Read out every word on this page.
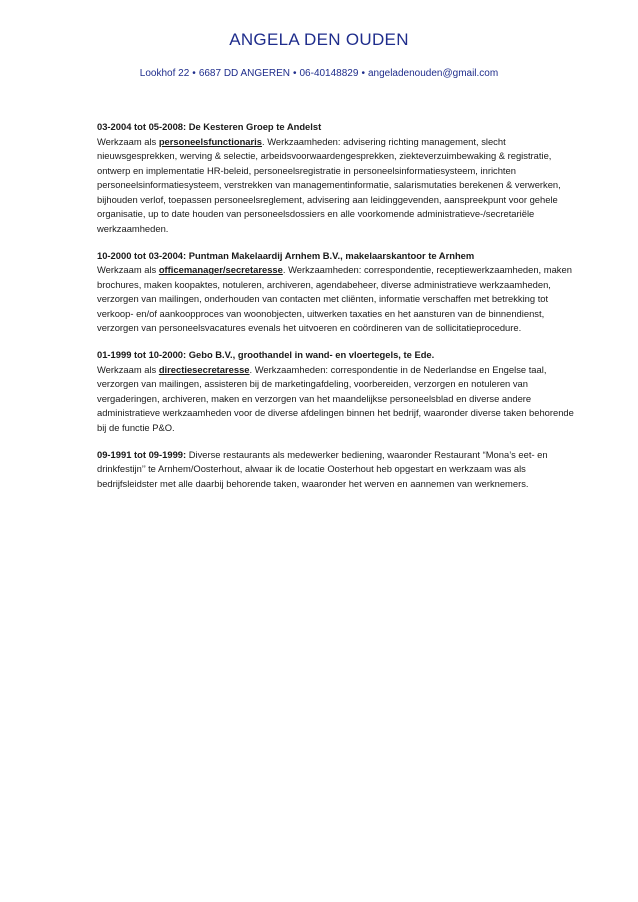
ANGELA DEN OUDEN
Lookhof 22 • 6687 DD ANGEREN • 06-40148829 • angeladenouden@gmail.com
03-2004 tot 05-2008: De Kesteren Groep te Andelst
Werkzaam als personeelsfunctionaris. Werkzaamheden: advisering richting management, slecht nieuwsgesprekken, werving & selectie, arbeidsvoorwaardengesprekken, ziekteverzuimbewaking & registratie, ontwerp en implementatie HR-beleid, personeelsregistratie in personeelsinformatiesysteem, inrichten personeelsinformatiesysteem, verstrekken van managementinformatie, salarismutaties berekenen & verwerken, bijhouden verlof, toepassen personeelsreglement, advisering aan leidinggevenden, aanspreekpunt voor gehele organisatie, up to date houden van personeelsdossiers en alle voorkomende administratieve-/secretariële werkzaamheden.
10-2000 tot 03-2004: Puntman Makelaardij Arnhem B.V., makelaarskantoor te Arnhem
Werkzaam als officemanager/secretaresse. Werkzaamheden: correspondentie, receptiewerkzaamheden, maken brochures, maken koopaktes, notuleren, archiveren, agendabeheer, diverse administratieve werkzaamheden, verzorgen van mailingen, onderhouden van contacten met cliënten, informatie verschaffen met betrekking tot verkoop- en/of aankoopproces van woonobjecten, uitwerken taxaties en het aansturen van de binnendienst, verzorgen van personeelsvacatures evenals het uitvoeren en coördineren van de sollicitatieprocedure.
01-1999 tot 10-2000: Gebo B.V., groothandel in wand- en vloertegels, te Ede.
Werkzaam als directiesecretaresse. Werkzaamheden: correspondentie in de Nederlandse en Engelse taal, verzorgen van mailingen, assisteren bij de marketingafdeling, voorbereiden, verzorgen en notuleren van vergaderingen, archiveren, maken en verzorgen van het maandelijkse personeelsblad en diverse andere administratieve werkzaamheden voor de diverse afdelingen binnen het bedrijf, waaronder diverse taken behorende bij de functie P&O.
09-1991 tot 09-1999: Diverse restaurants als medewerker bediening, waaronder Restaurant “Mona’s eet- en drinkfestijn’’ te Arnhem/Oosterhout, alwaar ik de locatie Oosterhout heb opgestart en werkzaam was als bedrijfsleidster met alle daarbij behorende taken, waaronder het werven en aannemen van werknemers.
